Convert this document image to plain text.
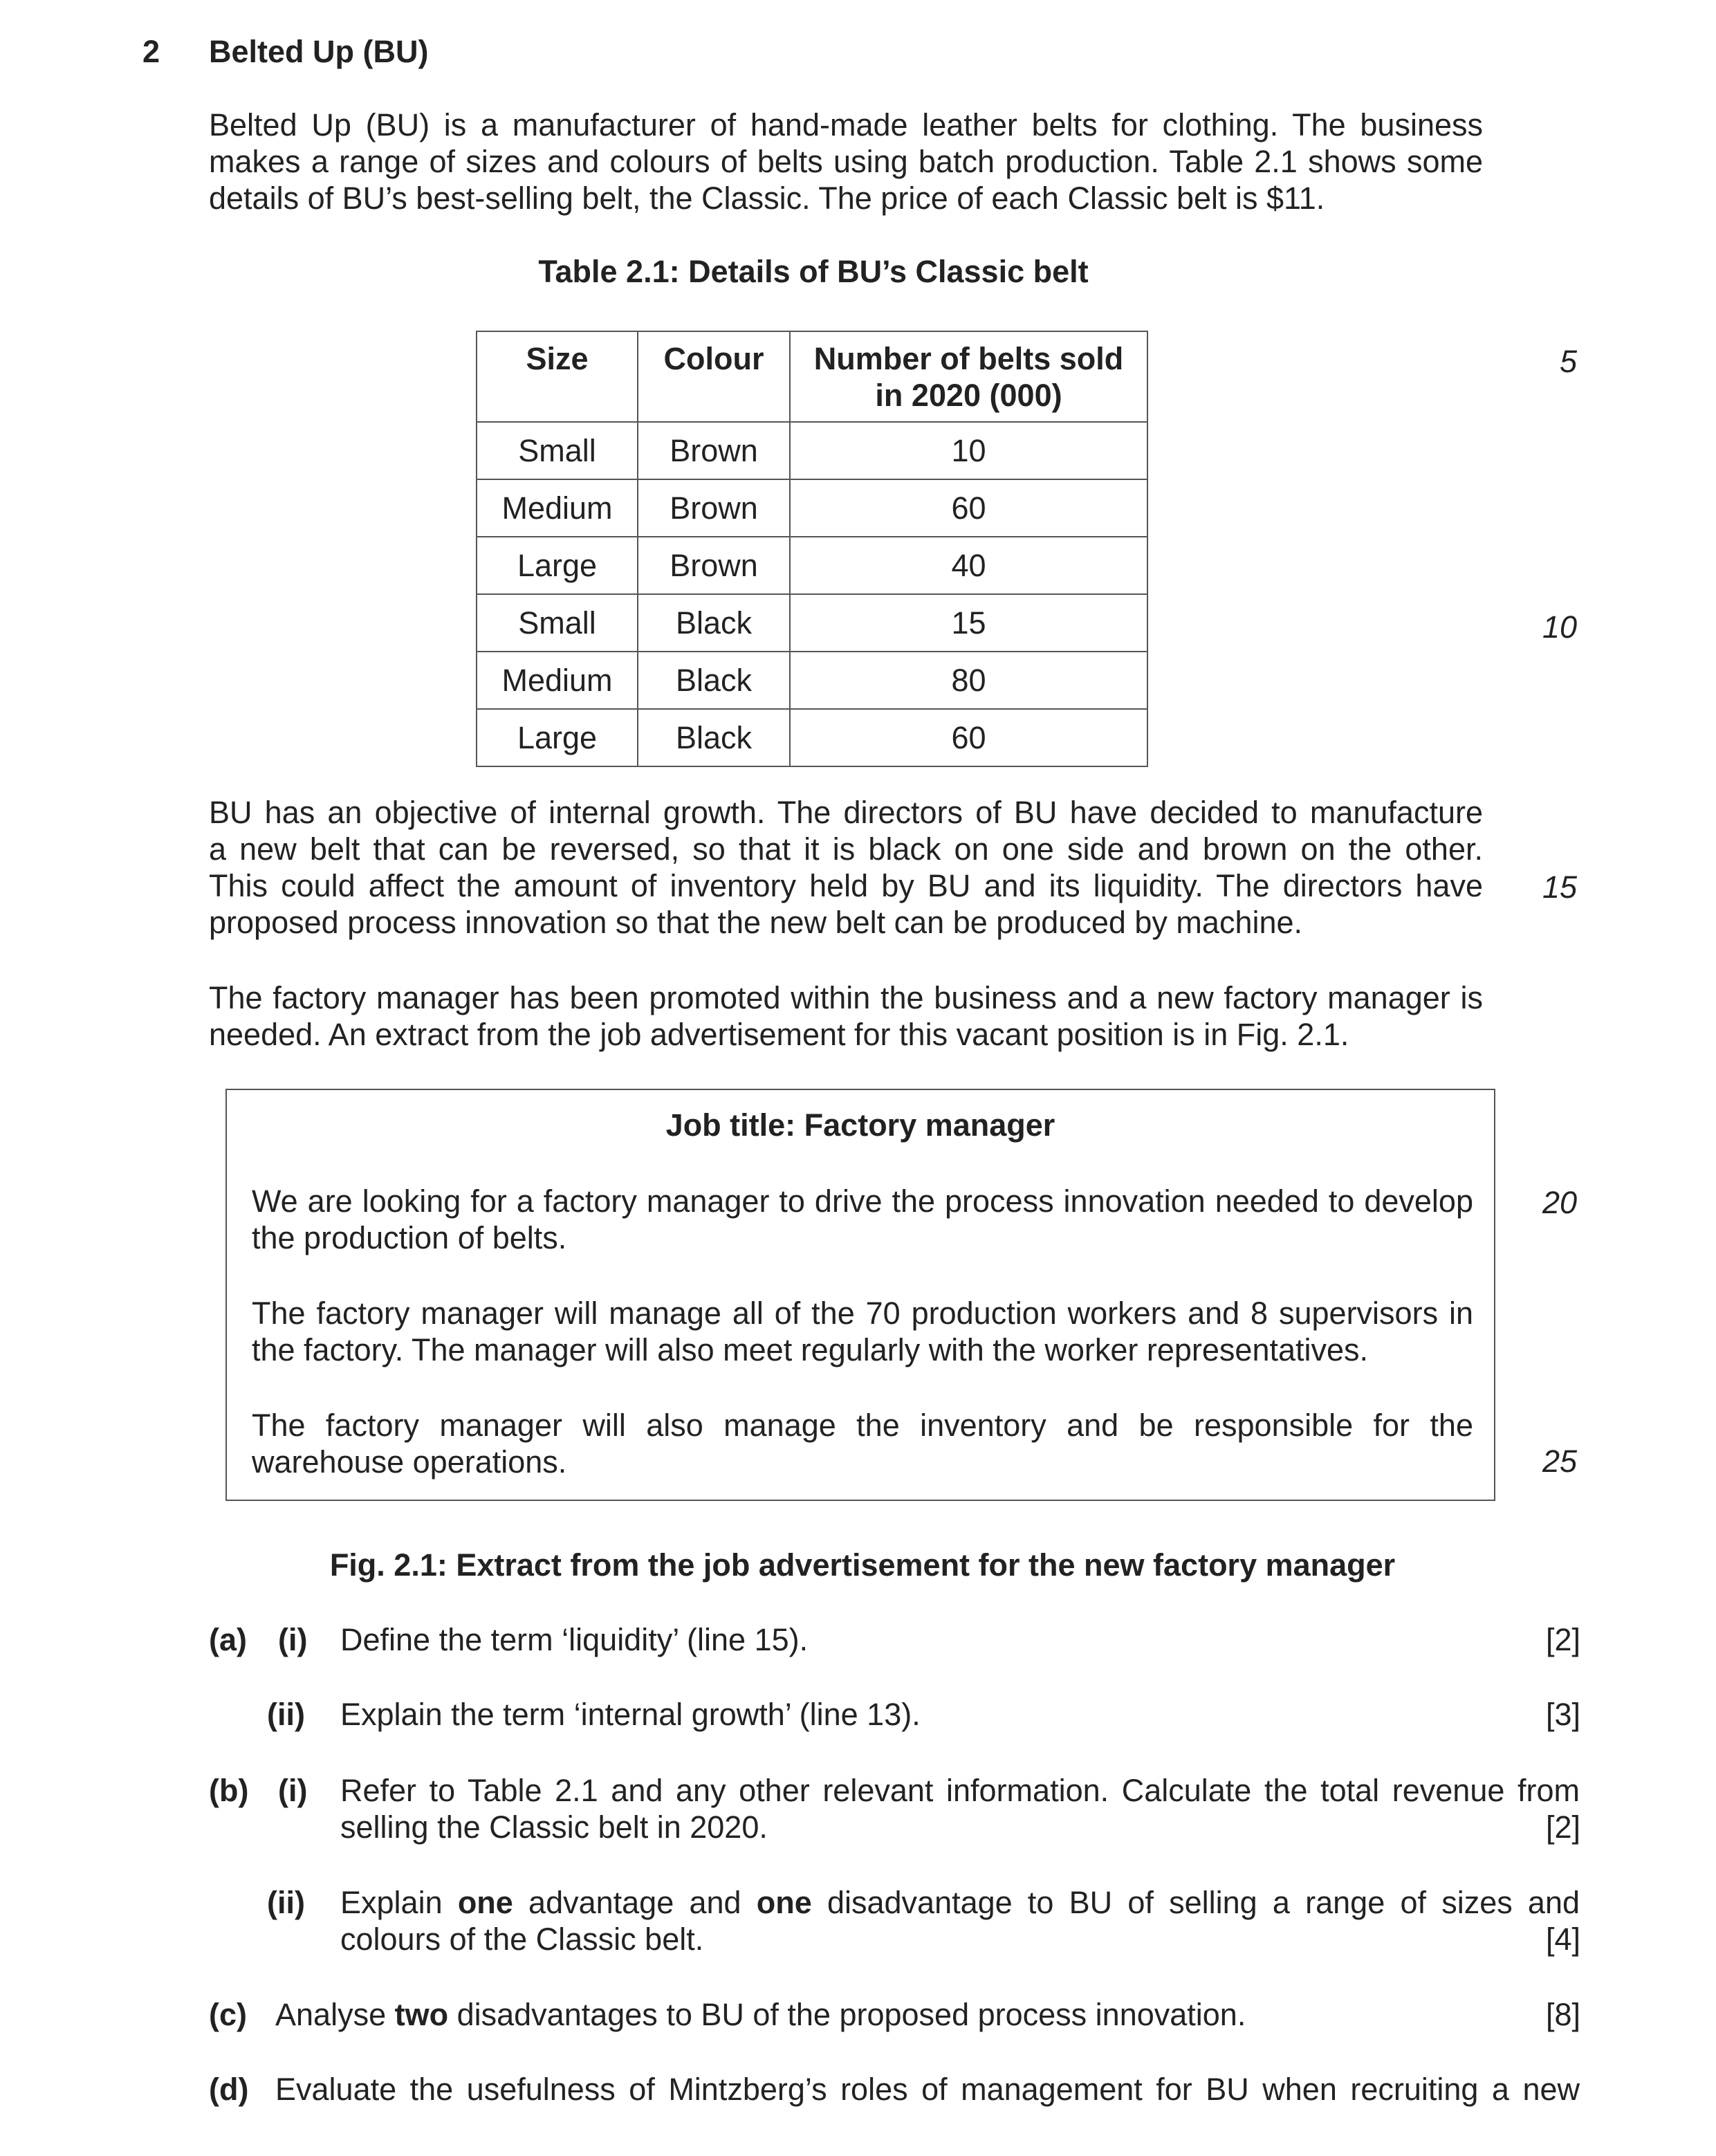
2 Belted Up (BU)
Belted Up (BU) is a manufacturer of hand-made leather belts for clothing. The business
makes a range of sizes and colours of belts using batch production. Table 2.1 shows some
details of BU’s best-selling belt, the Classic. The price of each Classic belt is $11.
Table 2.1: Details of BU’s Classic belt
Size	Colour	Number of belts sold
in 2020 (000)
Small	Brown	10
Medium	Brown	60
Large	Brown	40
Small	Black	15
Medium	Black	80
Large	Black	60
BU has an objective of internal growth. The directors of BU have decided to manufacture
a new belt that can be reversed, so that it is black on one side and brown on the other.
This could affect the amount of inventory held by BU and its liquidity. The directors have
proposed process innovation so that the new belt can be produced by machine.
The factory manager has been promoted within the business and a new factory manager is
needed. An extract from the job advertisement for this vacant position is in Fig. 2.1.
Job title: Factory manager
We are looking for a factory manager to drive the process innovation needed to develop
the production of belts.
The factory manager will manage all of the 70 production workers and 8 supervisors in
the factory. The manager will also meet regularly with the worker representatives.
The factory manager will also manage the inventory and be responsible for the
warehouse operations.
Fig. 2.1: Extract from the job advertisement for the new factory manager
5
10
15
20
25
(a) (i) Define the term ‘liquidity’ (line 15).	[2]
(ii) Explain the term ‘internal growth’ (line 13).	[3]
(b) (i) Refer to Table 2.1 and any other relevant information. Calculate the total revenue from
selling the Classic belt in 2020.	[2]
(ii) Explain one advantage and one disadvantage to BU of selling a range of sizes and
colours of the Classic belt.	[4]
(c) Analyse two disadvantages to BU of the proposed process innovation.	[8]
(d) Evaluate the usefulness of Mintzberg’s roles of management for BU when recruiting a new
